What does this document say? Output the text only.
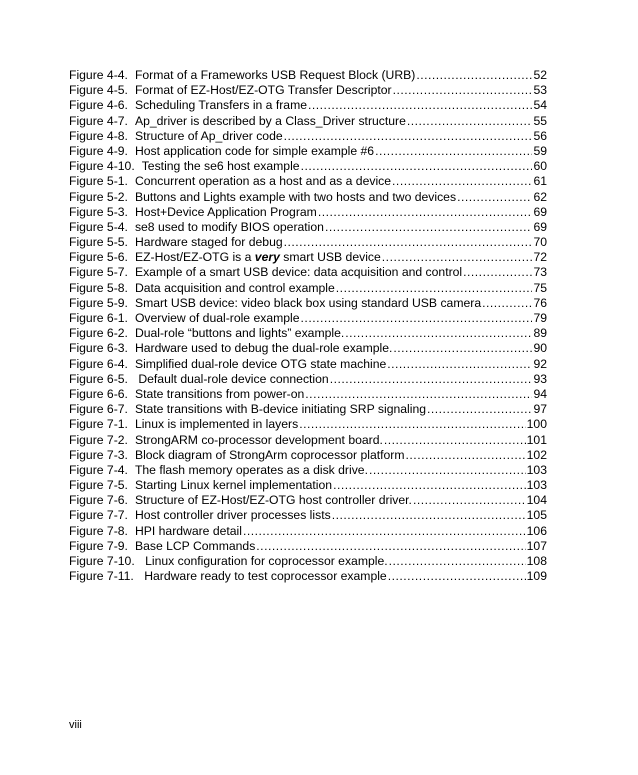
Figure 4-4. Format of a Frameworks USB Request Block (URB) .....	52
Figure 4-5. Format of EZ-Host/EZ-OTG Transfer Descriptor .....	53
Figure 4-6. Scheduling Transfers in a frame .....	54
Figure 4-7. Ap_driver is described by a Class_Driver structure .....	55
Figure 4-8. Structure of Ap_driver code .....	56
Figure 4-9. Host application code for simple example #6 .....	59
Figure 4-10. Testing the se6 host example .....	60
Figure 5-1. Concurrent operation as a host and as a device .....	61
Figure 5-2. Buttons and Lights example with two hosts and two devices .....	62
Figure 5-3. Host+Device Application Program .....	69
Figure 5-4. se8 used to modify BIOS operation .....	69
Figure 5-5. Hardware staged for debug .....	70
Figure 5-6. EZ-Host/EZ-OTG is a very smart USB device .....	72
Figure 5-7. Example of a smart USB device: data acquisition and control .....	73
Figure 5-8. Data acquisition and control example .....	75
Figure 5-9. Smart USB device: video black box using standard USB camera .....	76
Figure 6-1. Overview of dual-role example .....	79
Figure 6-2. Dual-role “buttons and lights” example. .....	89
Figure 6-3. Hardware used to debug the dual-role example. .....	90
Figure 6-4. Simplified dual-role device OTG state machine .....	92
Figure 6-5. Default dual-role device connection .....	93
Figure 6-6. State transitions from power-on .....	94
Figure 6-7. State transitions with B-device initiating SRP signaling .....	97
Figure 7-1. Linux is implemented in layers .....	100
Figure 7-2. StrongARM co-processor development board. .....	101
Figure 7-3. Block diagram of StrongArm coprocessor platform .....	102
Figure 7-4. The flash memory operates as a disk drive. .....	103
Figure 7-5. Starting Linux kernel implementation .....	103
Figure 7-6. Structure of EZ-Host/EZ-OTG host controller driver. .....	104
Figure 7-7. Host controller driver processes lists .....	105
Figure 7-8. HPI hardware detail .....	106
Figure 7-9. Base LCP Commands .....	107
Figure 7-10. Linux configuration for coprocessor example. .....	108
Figure 7-11. Hardware ready to test coprocessor example .....	109
viii
